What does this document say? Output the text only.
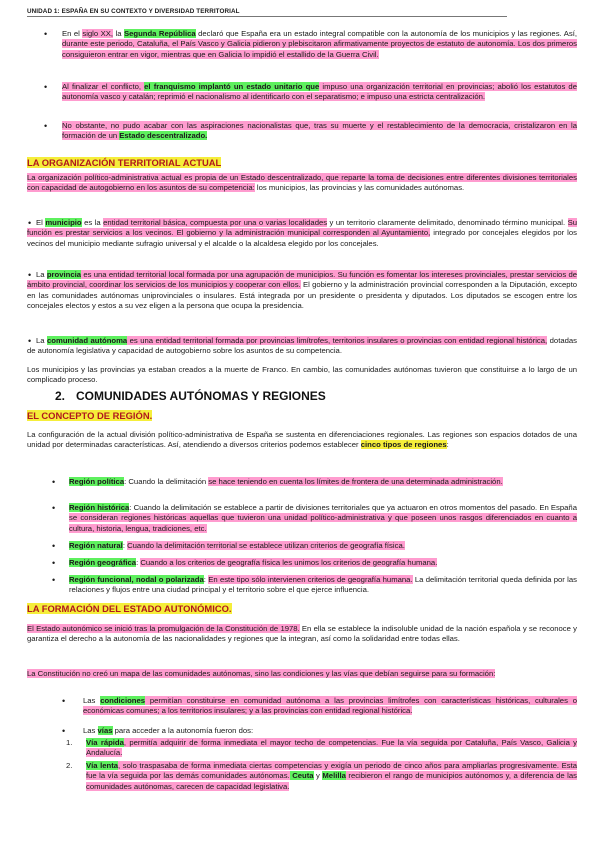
UNIDAD 1: ESPAÑA EN SU CONTEXTO Y DIVERSIDAD TERRITORIAL
• En el siglo XX, la Segunda República declaró que España era un estado integral compatible con la autonomía de los municipios y las regiones. Así, durante este periodo, Cataluña, el País Vasco y Galicia pidieron y plebiscitaron afirmativamente proyectos de estatuto de autonomía. Los dos primeros consiguieron entrar en vigor, mientras que en Galicia lo impidió el estallido de la Guerra Civil.

• Al finalizar el conflicto, el franquismo implantó un estado unitario que impuso una organización territorial en provincias; abolió los estatutos de autonomía vasco y catalán; reprimió el nacionalismo al identificarlo con el separatismo; e impuso una estricta centralización.

• No obstante, no pudo acabar con las aspiraciones nacionalistas que, tras su muerte y el restablecimiento de la democracia, cristalizaron en la formación de un Estado descentralizado.

LA ORGANIZACIÓN TERRITORIAL ACTUAL

La organización político-administrativa actual es propia de un Estado descentralizado, que reparte la toma de decisiones entre diferentes divisiones territoriales con capacidad de autogobierno en los asuntos de su competencia: los municipios, las provincias y las comunidades autónomas.

• El municipio es la entidad territorial básica, compuesta por una o varias localidades y un territorio claramente delimitado, denominado término municipal. Su función es prestar servicios a los vecinos. El gobierno y la administración municipal corresponden al Ayuntamiento, integrado por concejales elegidos por los vecinos del municipio mediante sufragio universal y el alcalde o la alcaldesa elegido por los concejales.

• La provincia es una entidad territorial local formada por una agrupación de municipios. Su función es fomentar los intereses provinciales, prestar servicios de ámbito provincial, coordinar los servicios de los municipios y cooperar con ellos. El gobierno y la administración provincial corresponden a la Diputación, excepto en las comunidades autónomas uniprovinciales o insulares. Está integrada por un presidente o presidenta y diputados. Los diputados se escogen entre los concejales electos y estos a su vez eligen a la persona que ocupa la presidencia.

• La comunidad autónoma es una entidad territorial formada por provincias limítrofes, territorios insulares o provincias con entidad regional histórica, dotadas de autonomía legislativa y capacidad de autogobierno sobre los asuntos de su competencia.

Los municipios y las provincias ya estaban creados a la muerte de Franco. En cambio, las comunidades autónomas tuvieron que constituirse a lo largo de un complicado proceso.

2. COMUNIDADES AUTÓNOMAS Y REGIONES
EL CONCEPTO DE REGIÓN.

La configuración de la actual división político-administrativa de España se sustenta en diferenciaciones regionales. Las regiones son espacios dotados de una unidad por determinadas características. Así, atendiendo a diversos criterios podemos establecer cinco tipos de regiones:

• Región política: Cuando la delimitación se hace teniendo en cuenta los límites de frontera de una determinada administración.

• Región histórica: Cuando la delimitación se establece a partir de divisiones territoriales que ya actuaron en otros momentos del pasado. En España se consideran regiones históricas aquellas que tuvieron una unidad político-administrativa y que poseen unos rasgos diferenciados en cuanto a cultura, historia, lengua, tradiciones, etc.

• Región natural: Cuando la delimitación territorial se establece utilizan criterios de geografía física.

• Región geográfica: Cuando a los criterios de geografía física les unimos los criterios de geografía humana.

• Región funcional, nodal o polarizada: En este tipo sólo intervienen criterios de geografía humana. La delimitación territorial queda definida por las relaciones y flujos entre una ciudad principal y el territorio sobre el que ejerce influencia.

LA FORMACIÓN DEL ESTADO AUTONÓMICO.

El Estado autonómico se inició tras la promulgación de la Constitución de 1978. En ella se establece la indisoluble unidad de la nación española y se reconoce y garantiza el derecho a la autonomía de las nacionalidades y regiones que la integran, así como la solidaridad entre todas ellas.

La Constitución no creó un mapa de las comunidades autónomas, sino las condiciones y las vías que debían seguirse para su formación:

• Las condiciones permitían constituirse en comunidad autónoma a las provincias limítrofes con características históricas, culturales o económicas comunes; a los territorios insulares; y a las provincias con entidad regional histórica.

• Las vías para acceder a la autonomía fueron dos:

1. Vía rápida, permitía adquirir de forma inmediata el mayor techo de competencias. Fue la vía seguida por Cataluña, País Vasco, Galicia y Andalucía.

2. Vía lenta, solo traspasaba de forma inmediata ciertas competencias y exigía un periodo de cinco años para ampliarlas progresivamente. Esta fue la vía seguida por las demás comunidades autónomas. Ceuta y Melilla recibieron el rango de municipios autónomos y, a diferencia de las comunidades autónomas, carecen de capacidad legislativa.
